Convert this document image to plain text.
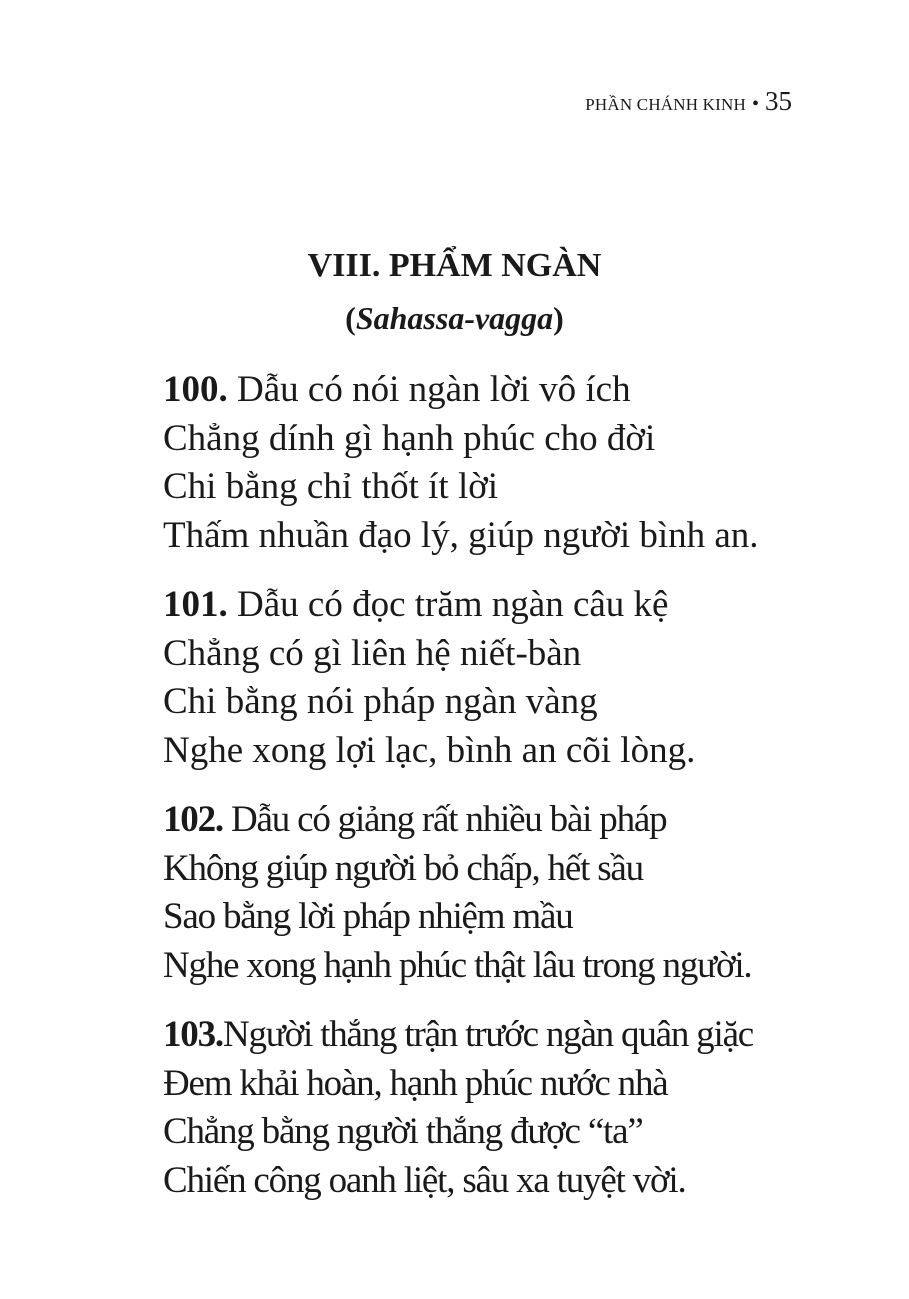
PHẦN CHÁNH KINH • 35
VIII. PHẨM NGÀN
(Sahassa-vagga)
100. Dẫu có nói ngàn lời vô ích
Chẳng dính gì hạnh phúc cho đời
Chi bằng chỉ thốt ít lời
Thấm nhuần đạo lý, giúp người bình an.
101. Dẫu có đọc trăm ngàn câu kệ
Chẳng có gì liên hệ niết-bàn
Chi bằng nói pháp ngàn vàng
Nghe xong lợi lạc, bình an cõi lòng.
102. Dẫu có giảng rất nhiều bài pháp
Không giúp người bỏ chấp, hết sầu
Sao bằng lời pháp nhiệm mầu
Nghe xong hạnh phúc thật lâu trong người.
103.Người thắng trận trước ngàn quân giặc
Đem khải hoàn, hạnh phúc nước nhà
Chẳng bằng người thắng được “ta”
Chiến công oanh liệt, sâu xa tuyệt vời.
